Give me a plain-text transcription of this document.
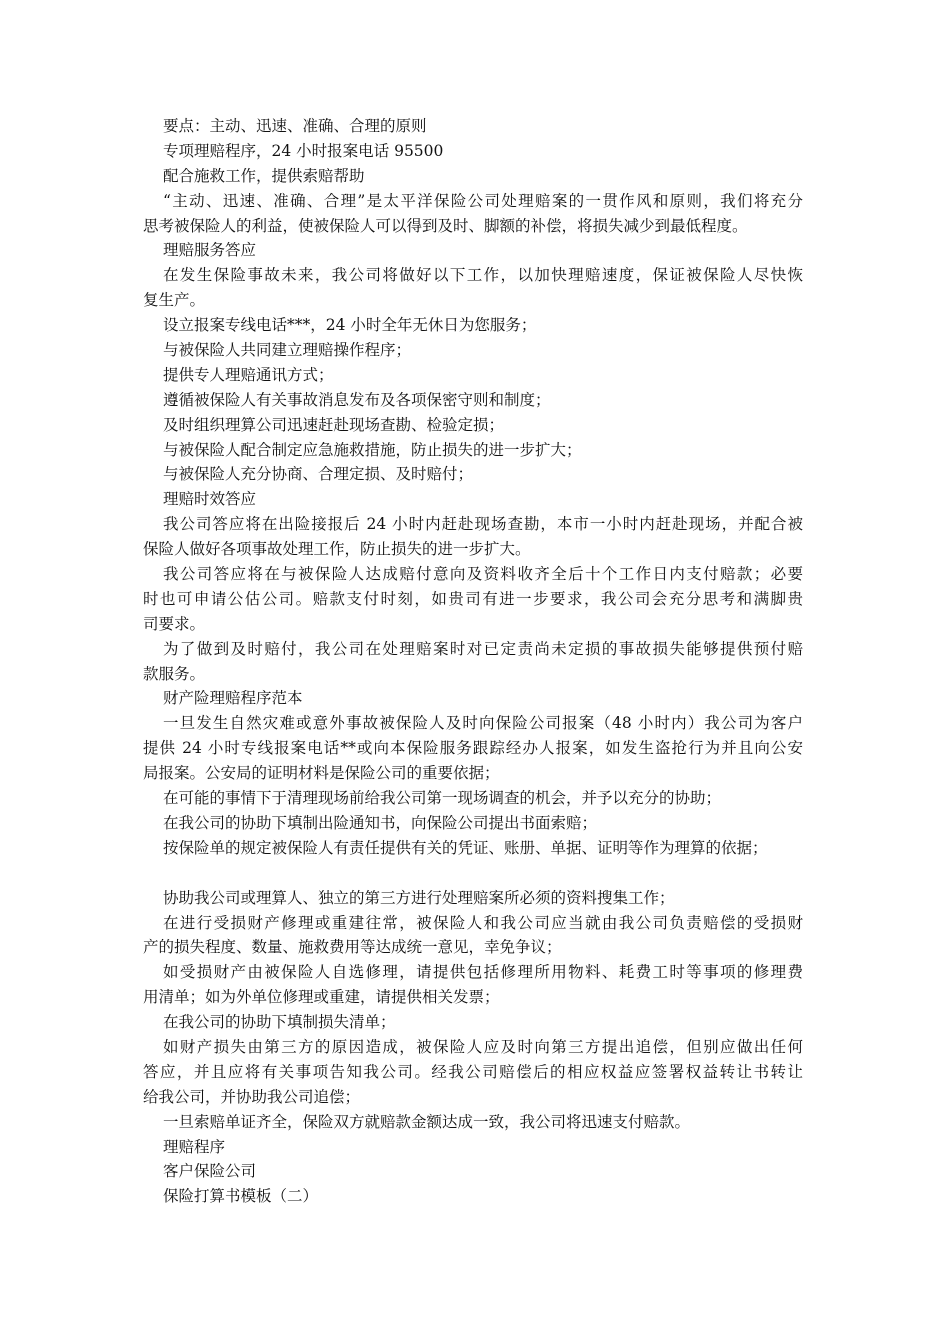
要点：主动、迅速、准确、合理的原则

专项理赔程序，24 小时报案电话 95500

配合施救工作，提供索赔帮助

“主动、迅速、准确、合理”是太平洋保险公司处理赔案的一贯作风和原则，我们将充分
思考被保险人的利益，使被保险人可以得到及时、脚额的补偿，将损失减少到最低程度。

理赔服务答应

在发生保险事故未来，我公司将做好以下工作，以加快理赔速度，保证被保险人尽快恢
复生产。

设立报案专线电话***，24 小时全年无休日为您服务；

与被保险人共同建立理赔操作程序；

提供专人理赔通讯方式；

遵循被保险人有关事故消息发布及各项保密守则和制度；

及时组织理算公司迅速赶赴现场查勘、检验定损；

与被保险人配合制定应急施救措施，防止损失的进一步扩大；

与被保险人充分协商、合理定损、及时赔付；

理赔时效答应

我公司答应将在出险接报后 24 小时内赶赴现场查勘，本市一小时内赶赴现场，并配合被
保险人做好各项事故处理工作，防止损失的进一步扩大。

我公司答应将在与被保险人达成赔付意向及资料收齐全后十个工作日内支付赔款；必要
时也可申请公估公司。赔款支付时刻，如贵司有进一步要求，我公司会充分思考和满脚贵
司要求。

为了做到及时赔付，我公司在处理赔案时对已定责尚未定损的事故损失能够提供预付赔
款服务。

财产险理赔程序范本

一旦发生自然灾难或意外事故被保险人及时向保险公司报案（48 小时内）我公司为客户
提供 24 小时专线报案电话**或向本保险服务跟踪经办人报案，如发生盗抢行为并且向公安
局报案。公安局的证明材料是保险公司的重要依据；

在可能的事情下于清理现场前给我公司第一现场调查的机会，并予以充分的协助；

在我公司的协助下填制出险通知书，向保险公司提出书面索赔；

按保险单的规定被保险人有责任提供有关的凭证、账册、单据、证明等作为理算的依据；

协助我公司或理算人、独立的第三方进行处理赔案所必须的资料搜集工作；

在进行受损财产修理或重建往常，被保险人和我公司应当就由我公司负责赔偿的受损财
产的损失程度、数量、施救费用等达成统一意见，幸免争议；

如受损财产由被保险人自选修理，请提供包括修理所用物料、耗费工时等事项的修理费
用清单；如为外单位修理或重建，请提供相关发票；

在我公司的协助下填制损失清单；

如财产损失由第三方的原因造成，被保险人应及时向第三方提出追偿，但别应做出任何
答应，并且应将有关事项告知我公司。经我公司赔偿后的相应权益应签署权益转让书转让
给我公司，并协助我公司追偿；

一旦索赔单证齐全，保险双方就赔款金额达成一致，我公司将迅速支付赔款。

理赔程序

客户保险公司

保险打算书模板（二）
